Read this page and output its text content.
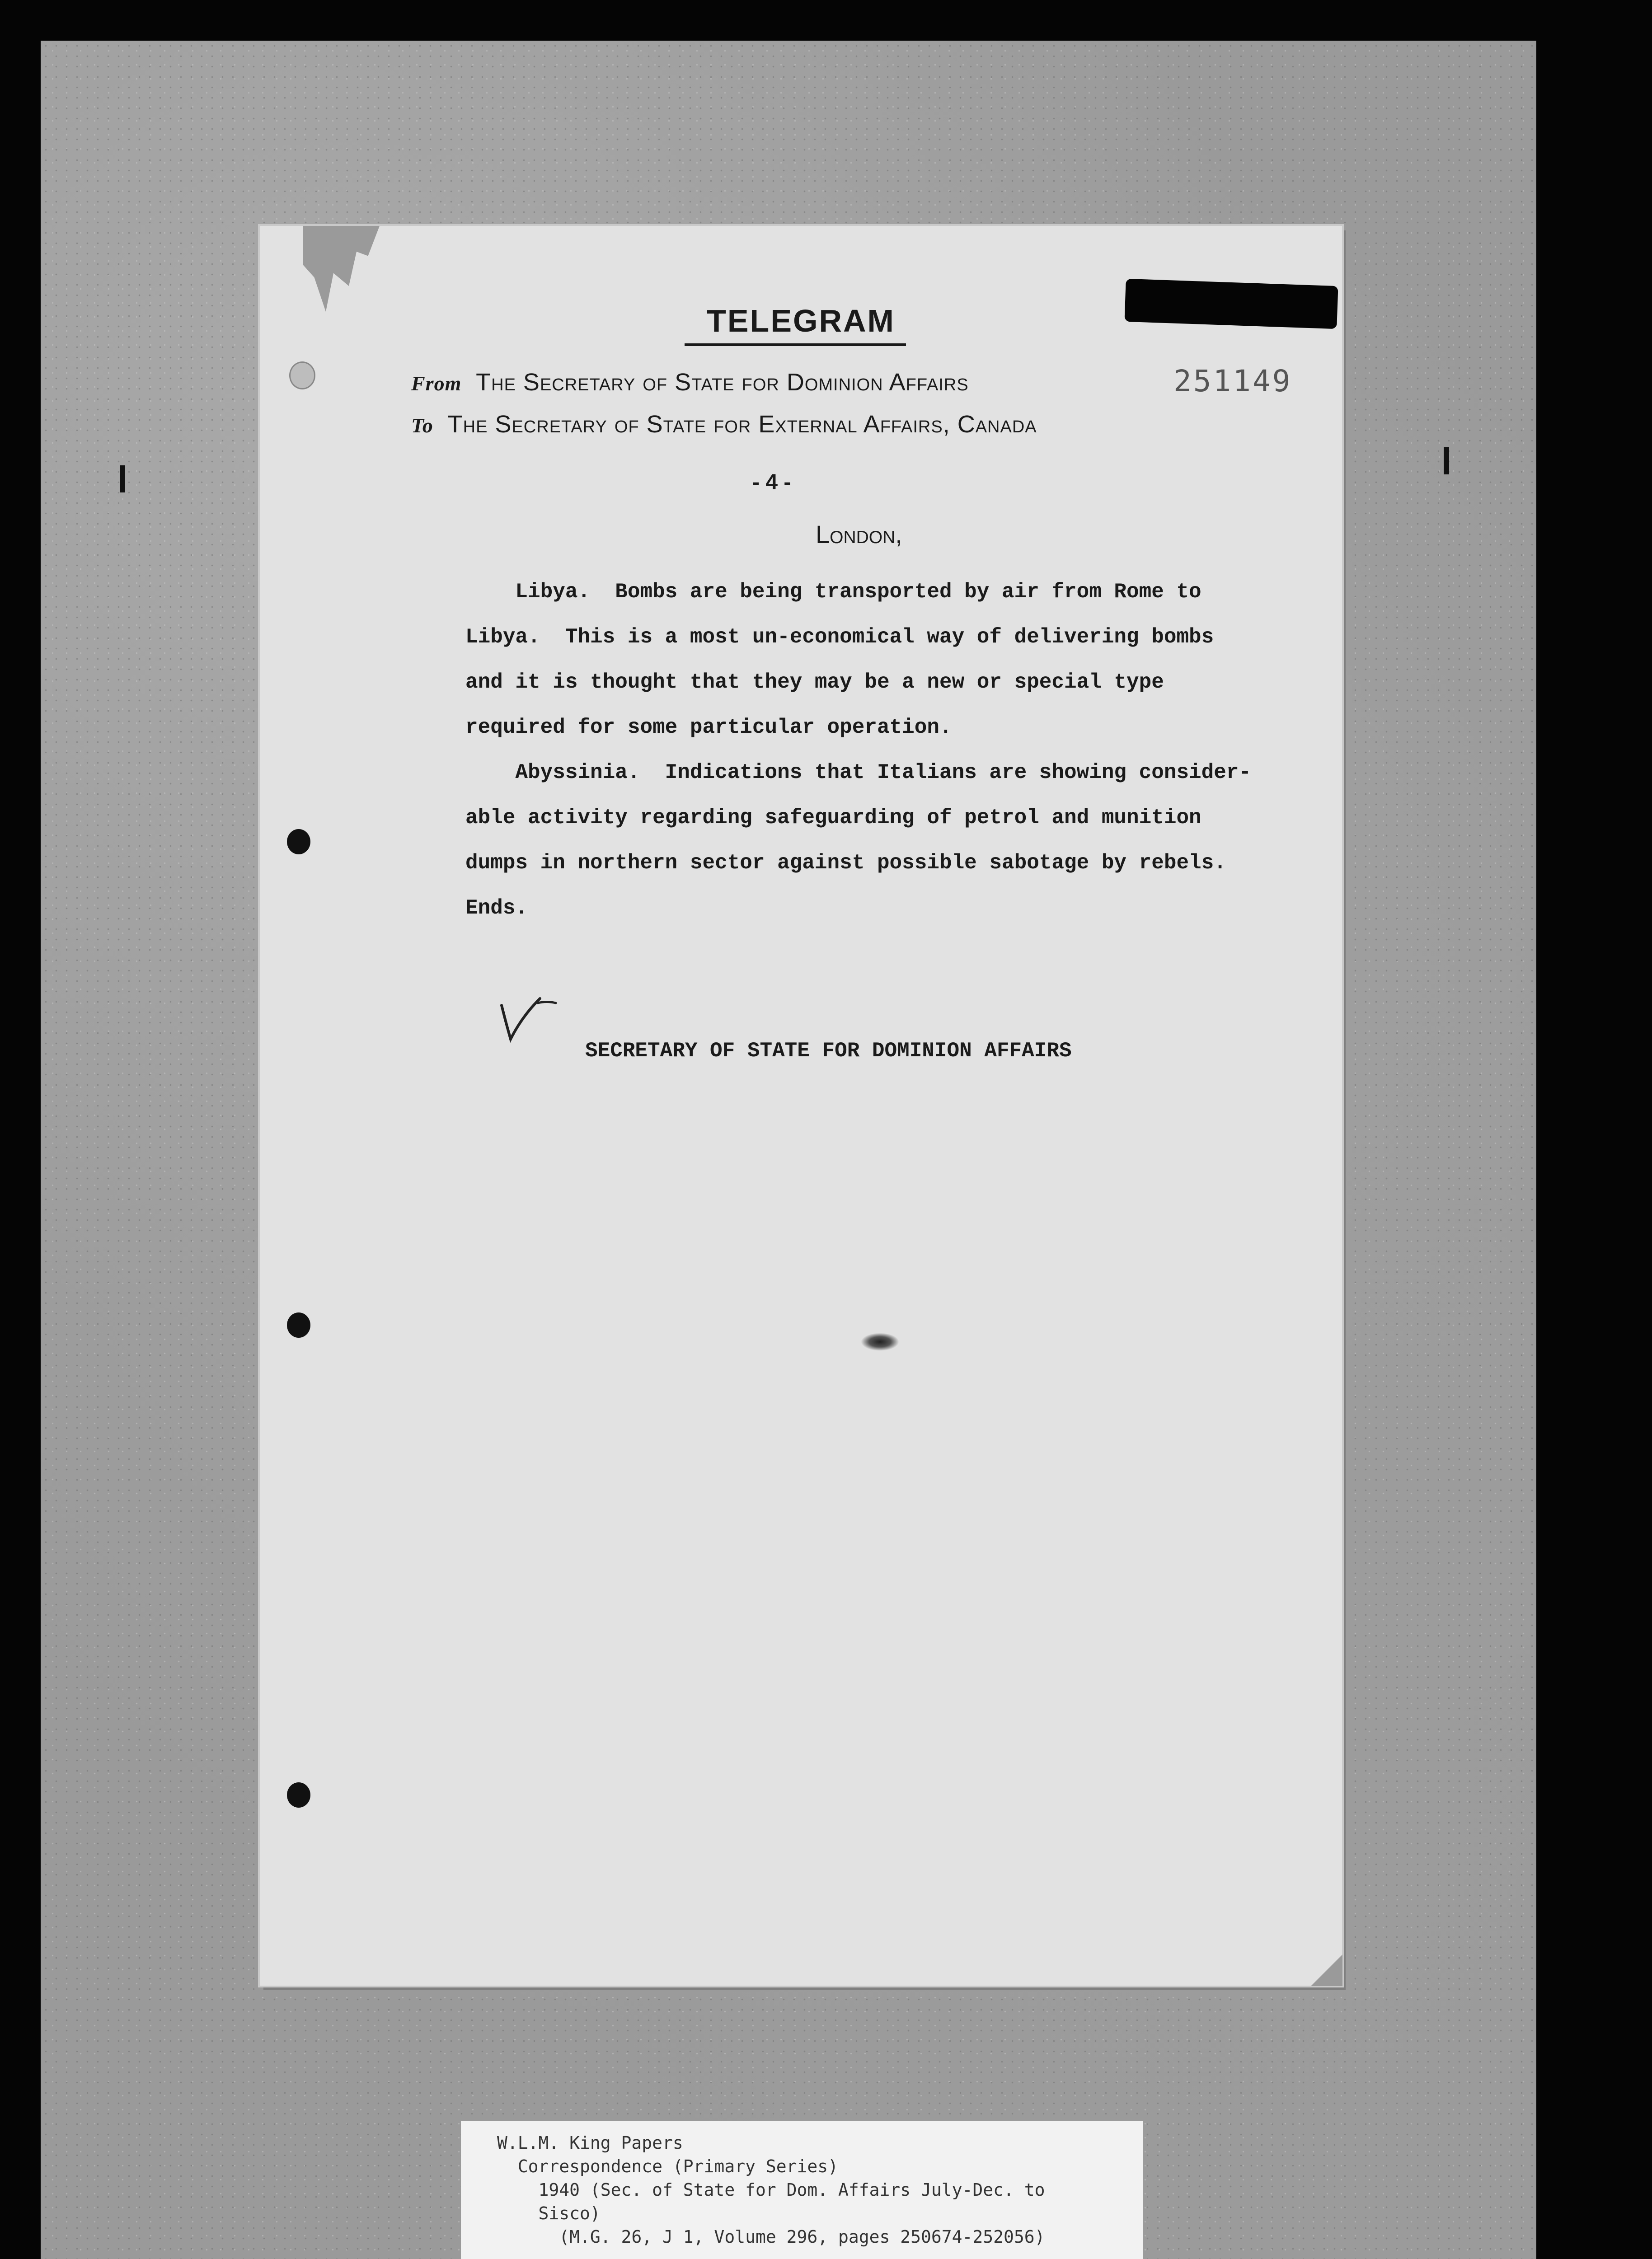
TELEGRAM
From The Secretary of State for Dominion Affairs
To The Secretary of State for External Affairs, Canada
251149
- 4 -
London,
Libya.  Bombs are being transported by air from Rome to
Libya.  This is a most un-economical way of delivering bombs
and it is thought that they may be a new or special type
required for some particular operation.
Abyssinia.  Indications that Italians are showing consider-
able activity regarding safeguarding of petrol and munition
dumps in northern sector against possible sabotage by rebels.
Ends.
SECRETARY OF STATE FOR DOMINION AFFAIRS
W.L.M. King Papers
Correspondence (Primary Series)
1940 (Sec. of State for Dom. Affairs July-Dec. to
Sisco)
(M.G. 26, J 1, Volume 296, pages 250674-252056)
